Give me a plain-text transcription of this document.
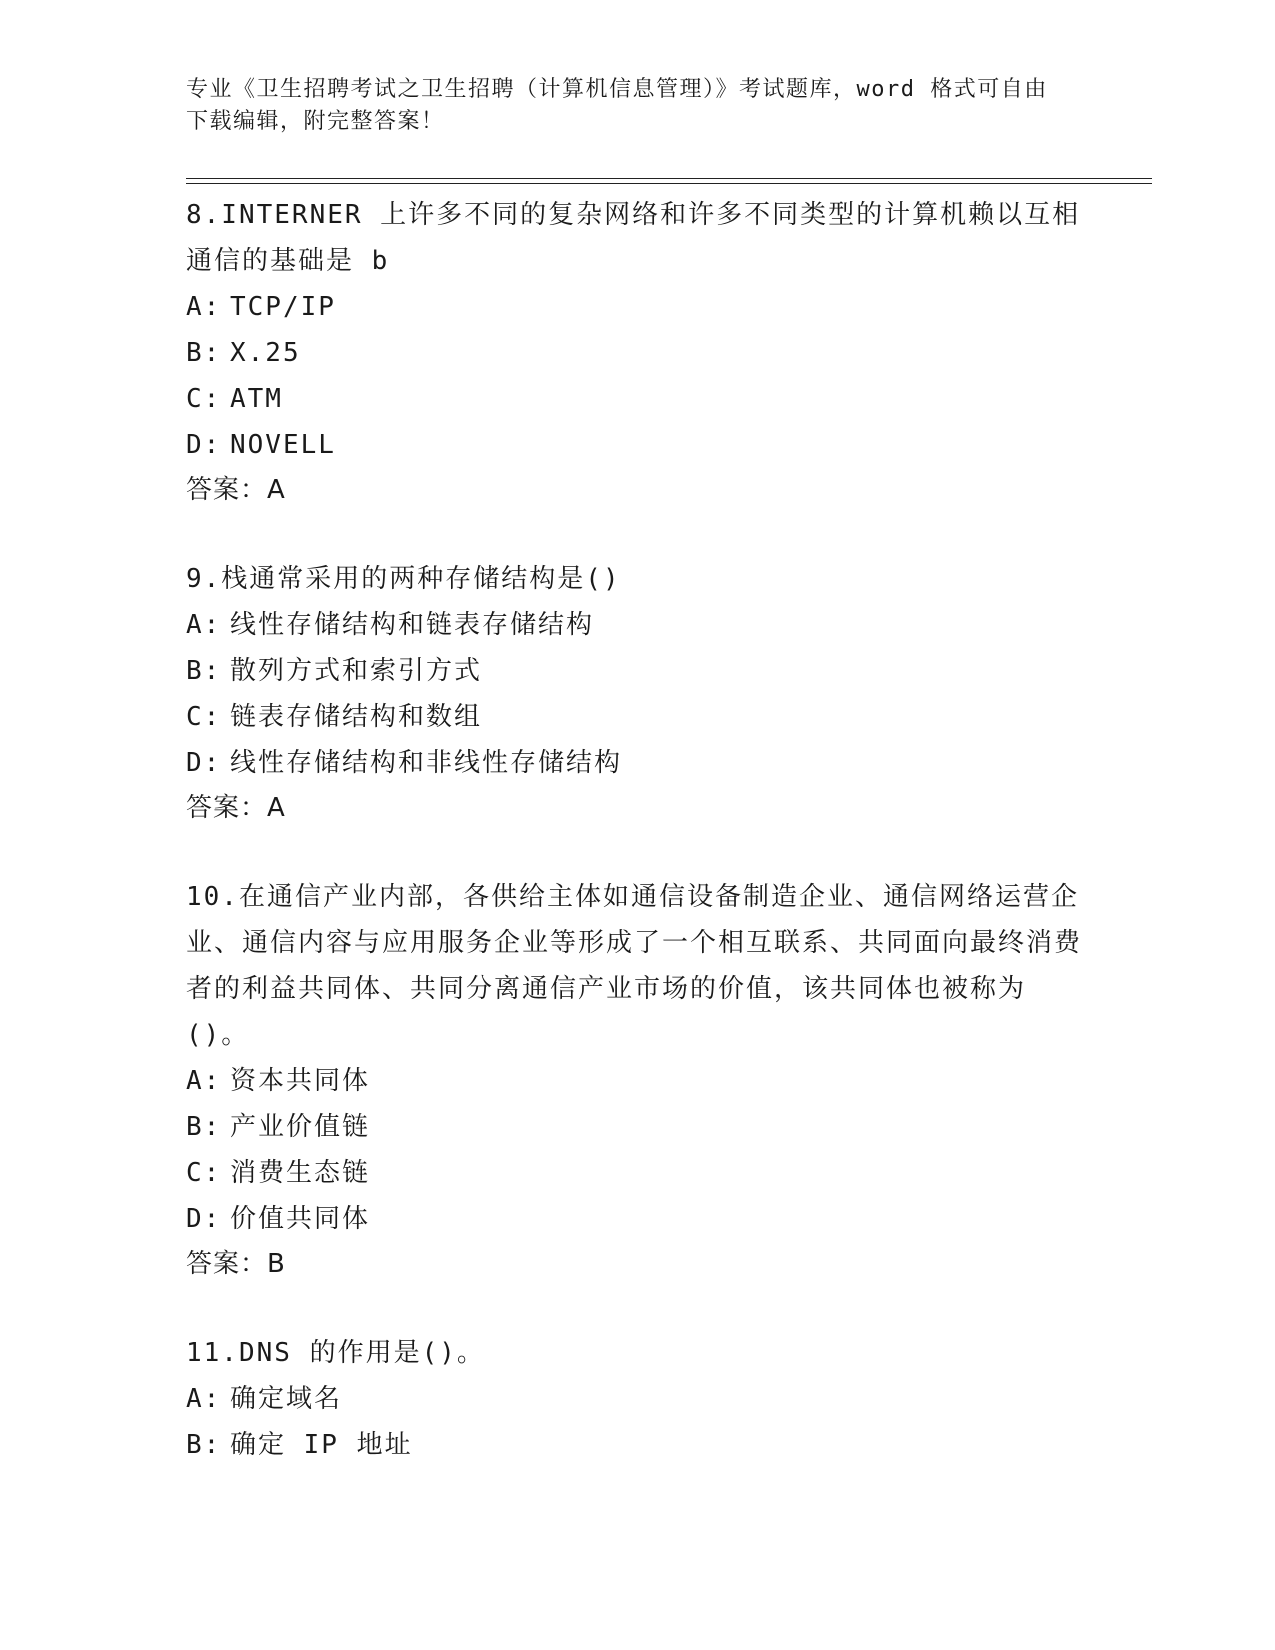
专业《卫生招聘考试之卫生招聘（计算机信息管理）》考试题库，word 格式可自由下载编辑，附完整答案！

8.INTERNER 上许多不同的复杂网络和许多不同类型的计算机赖以互相通信的基础是 b

A: TCP/IP

B: X.25

C: ATM

D: NOVELL

答案：A

9.栈通常采用的两种存储结构是()

A: 线性存储结构和链表存储结构

B: 散列方式和索引方式

C: 链表存储结构和数组

D: 线性存储结构和非线性存储结构

答案：A

10.在通信产业内部，各供给主体如通信设备制造企业、通信网络运营企业、通信内容与应用服务企业等形成了一个相互联系、共同面向最终消费者的利益共同体、共同分离通信产业市场的价值，该共同体也被称为()。

A: 资本共同体

B: 产业价值链

C: 消费生态链

D: 价值共同体

答案：B

11.DNS 的作用是()。

A: 确定域名

B: 确定 IP 地址
